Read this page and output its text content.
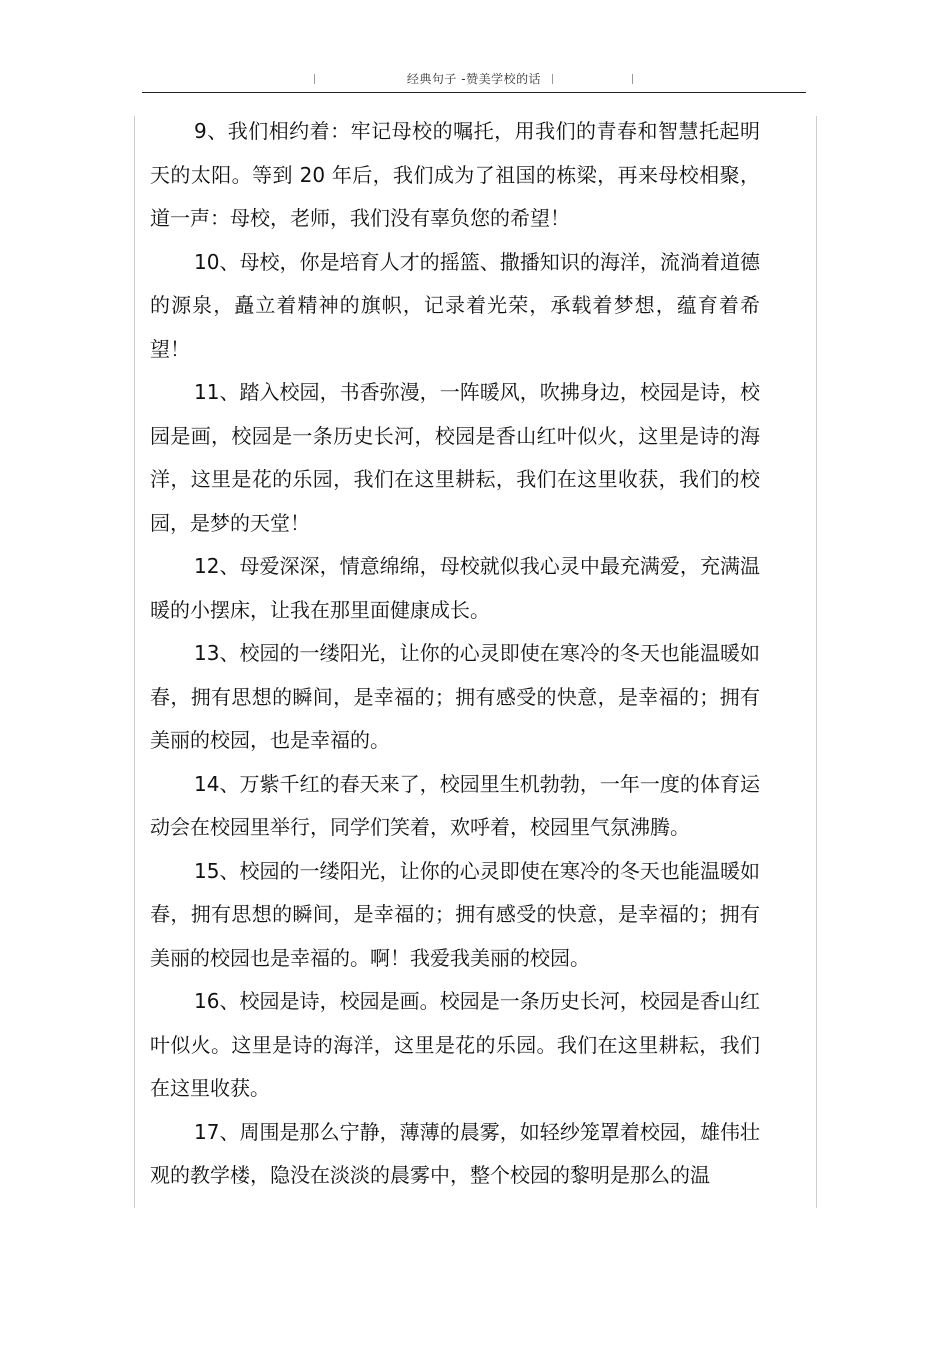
经典句子 -赞美学校的话

9、我们相约着：牢记母校的嘱托，用我们的青春和智慧托起明天的太阳。等到 20 年后，我们成为了祖国的栋梁，再来母校相聚，道一声：母校，老师，我们没有辜负您的希望！

10、母校，你是培育人才的摇篮、撒播知识的海洋，流淌着道德的源泉，矗立着精神的旗帜，记录着光荣，承载着梦想，蕴育着希望！

11、踏入校园，书香弥漫，一阵暖风，吹拂身边，校园是诗，校园是画，校园是一条历史长河，校园是香山红叶似火，这里是诗的海洋，这里是花的乐园，我们在这里耕耘，我们在这里收获，我们的校园，是梦的天堂！

12、母爱深深，情意绵绵，母校就似我心灵中最充满爱，充满温暖的小摆床，让我在那里面健康成长。

13、校园的一缕阳光，让你的心灵即使在寒冷的冬天也能温暖如春，拥有思想的瞬间，是幸福的；拥有感受的快意，是幸福的；拥有美丽的校园，也是幸福的。

14、万紫千红的春天来了，校园里生机勃勃，一年一度的体育运动会在校园里举行，同学们笑着，欢呼着，校园里气氛沸腾。

15、校园的一缕阳光，让你的心灵即使在寒冷的冬天也能温暖如春，拥有思想的瞬间，是幸福的；拥有感受的快意，是幸福的；拥有美丽的校园也是幸福的。啊！我爱我美丽的校园。

16、校园是诗，校园是画。校园是一条历史长河，校园是香山红叶似火。这里是诗的海洋，这里是花的乐园。我们在这里耕耘，我们在这里收获。

17、周围是那么宁静，薄薄的晨雾，如轻纱笼罩着校园，雄伟壮观的教学楼，隐没在淡淡的晨雾中，整个校园的黎明是那么的温
